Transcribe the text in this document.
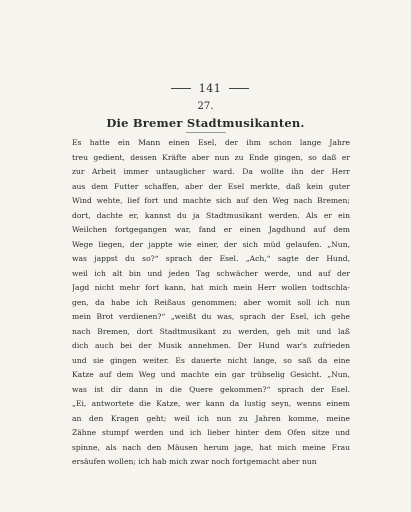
141
27.
Die Bremer Stadtmusikanten.
Es hatte ein Mann einen Esel, der ihm schon lange Jahre
treu gedient, dessen Kräfte aber nun zu Ende gingen, so daß er
zur Arbeit immer untauglicher ward. Da wollte ihn der Herr
aus dem Futter schaffen, aber der Esel merkte, daß kein guter
Wind wehte, lief fort und machte sich auf den Weg nach Bremen;
dort, dachte er, kannst du ja Stadtmusikant werden. Als er ein
Weilchen fortgegangen war, fand er einen Jagdhund auf dem
Wege liegen, der jappte wie einer, der sich müd gelaufen. „Nun,
was jappst du so?“ sprach der Esel. „Ach,“ sagte der Hund,
weil ich alt bin und jeden Tag schwächer werde, und auf der
Jagd nicht mehr fort kann, hat mich mein Herr wollen todtschla-
gen, da habe ich Reißaus genommen; aber womit soll ich nun
mein Brot verdienen?“ „weißt du was, sprach der Esel, ich gehe
nach Bremen, dort Stadtmusikant zu werden, geh mit und laß
dich auch bei der Musik annehmen. Der Hund war's zufrieden
und sie gingen weiter. Es dauerte nicht lange, so saß da eine
Katze auf dem Weg und machte ein gar trübselig Gesicht. „Nun,
was ist dir dann in die Quere gekommen?“ sprach der Esel.
„Ei, antwortete die Katze, wer kann da lustig seyn, wenns einem
an den Kragen geht; weil ich nun zu Jahren komme, meine
Zähne stumpf werden und ich lieber hinter dem Ofen sitze und
spinne, als nach den Mäusen herum jage, hat mich meine Frau
ersäufen wollen; ich hab mich zwar noch fortgemacht aber nun
